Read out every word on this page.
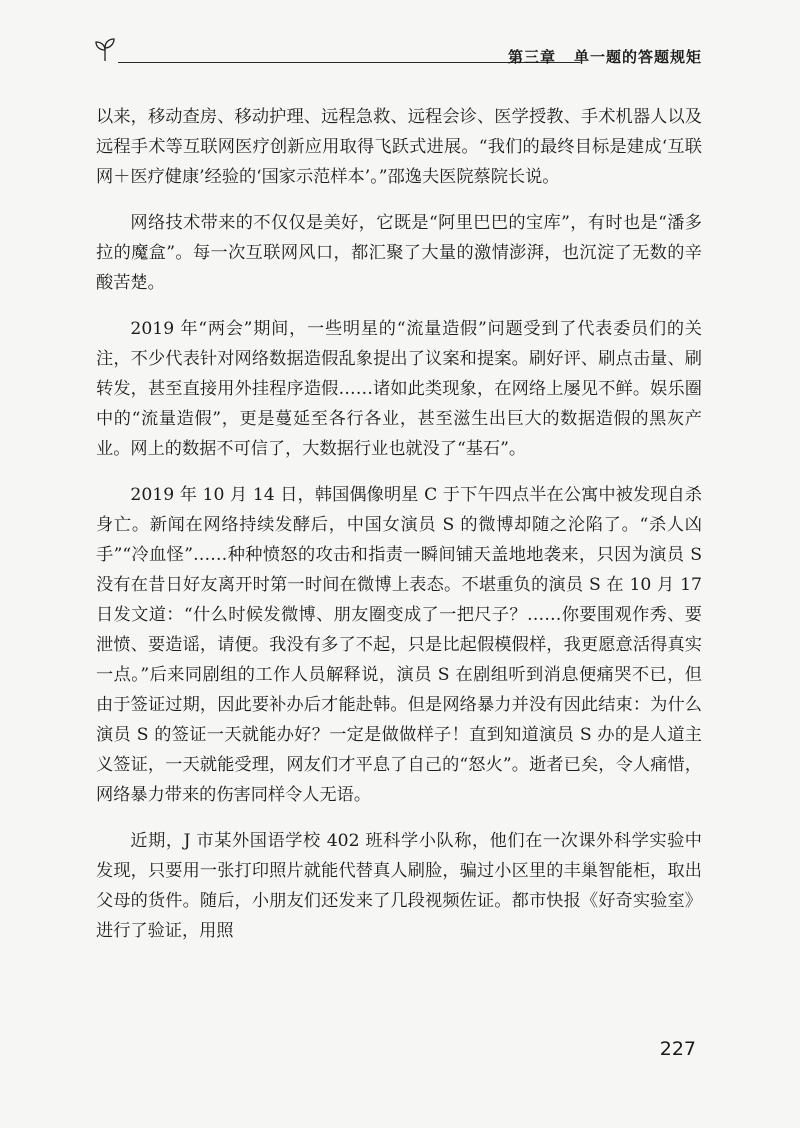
第三章 单一题的答题规矩

以来，移动查房、移动护理、远程急救、远程会诊、医学授教、手术机器人以及远程手术等互联网医疗创新应用取得飞跃式进展。“我们的最终目标是建成‘互联网＋医疗健康’经验的‘国家示范样本’。”邵逸夫医院蔡院长说。

网络技术带来的不仅仅是美好，它既是“阿里巴巴的宝库”，有时也是“潘多拉的魔盒”。每一次互联网风口，都汇聚了大量的激情澎湃，也沉淀了无数的辛酸苦楚。

2019 年“两会”期间，一些明星的“流量造假”问题受到了代表委员们的关注，不少代表针对网络数据造假乱象提出了议案和提案。刷好评、刷点击量、刷转发，甚至直接用外挂程序造假……诸如此类现象，在网络上屡见不鲜。娱乐圈中的“流量造假”，更是蔓延至各行各业，甚至滋生出巨大的数据造假的黑灰产业。网上的数据不可信了，大数据行业也就没了“基石”。

2019 年 10 月 14 日，韩国偶像明星 C 于下午四点半在公寓中被发现自杀身亡。新闻在网络持续发酵后，中国女演员 S 的微博却随之沦陷了。“杀人凶手”“冷血怪”……种种愤怒的攻击和指责一瞬间铺天盖地地袭来，只因为演员 S 没有在昔日好友离开时第一时间在微博上表态。不堪重负的演员 S 在 10 月 17 日发文道：“什么时候发微博、朋友圈变成了一把尺子？……你要围观作秀、要泄愤、要造谣，请便。我没有多了不起，只是比起假模假样，我更愿意活得真实一点。”后来同剧组的工作人员解释说，演员 S 在剧组听到消息便痛哭不已，但由于签证过期，因此要补办后才能赴韩。但是网络暴力并没有因此结束：为什么演员 S 的签证一天就能办好？一定是做做样子！直到知道演员 S 办的是人道主义签证，一天就能受理，网友们才平息了自己的“怒火”。逝者已矣，令人痛惜，网络暴力带来的伤害同样令人无语。

近期，J 市某外国语学校 402 班科学小队称，他们在一次课外科学实验中发现，只要用一张打印照片就能代替真人刷脸，骗过小区里的丰巢智能柜，取出父母的货件。随后，小朋友们还发来了几段视频佐证。都市快报《好奇实验室》进行了验证，用照

227
